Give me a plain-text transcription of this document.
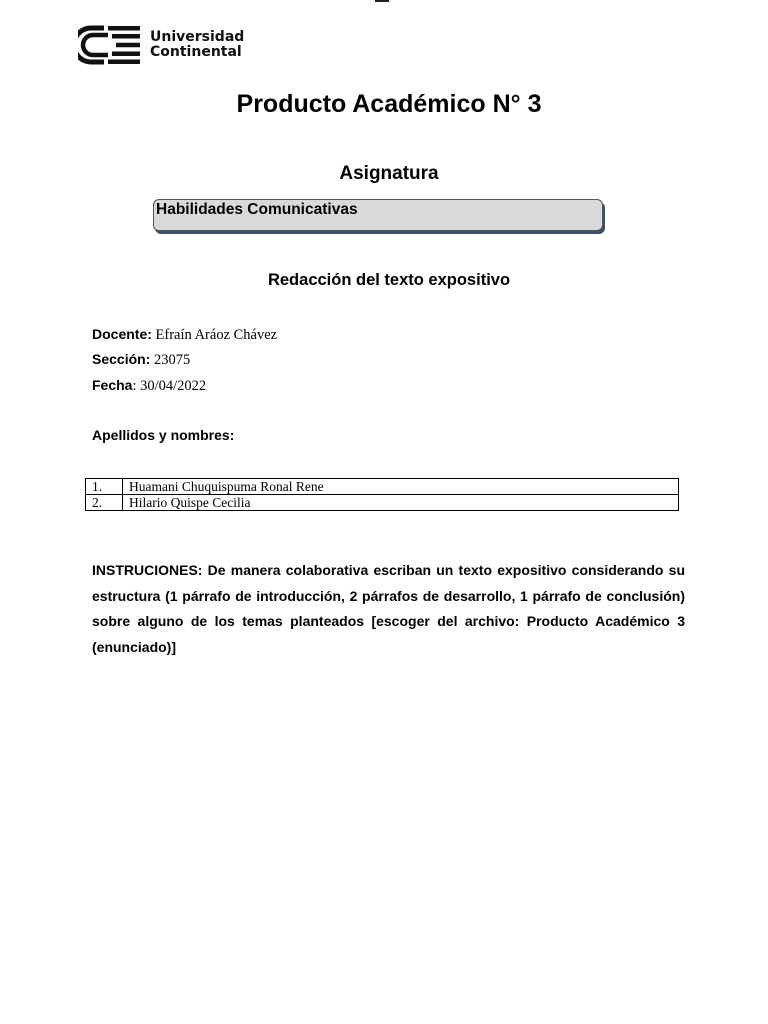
Universidad
Continental
Producto Académico N° 3
Asignatura
Habilidades Comunicativas
Redacción del texto expositivo
Docente: Efraín Aráoz Chávez
Sección: 23075
Fecha: 30/04/2022
Apellidos y nombres:
1.	Huamani Chuquispuma Ronal Rene
2.	Hilario Quispe Cecilia
INSTRUCIONES: De manera colaborativa escriban un texto expositivo considerando su estructura (1 párrafo de introducción, 2 párrafos de desarrollo, 1 párrafo de conclusión) sobre alguno de los temas planteados [escoger del archivo: Producto Académico 3 (enunciado)]
